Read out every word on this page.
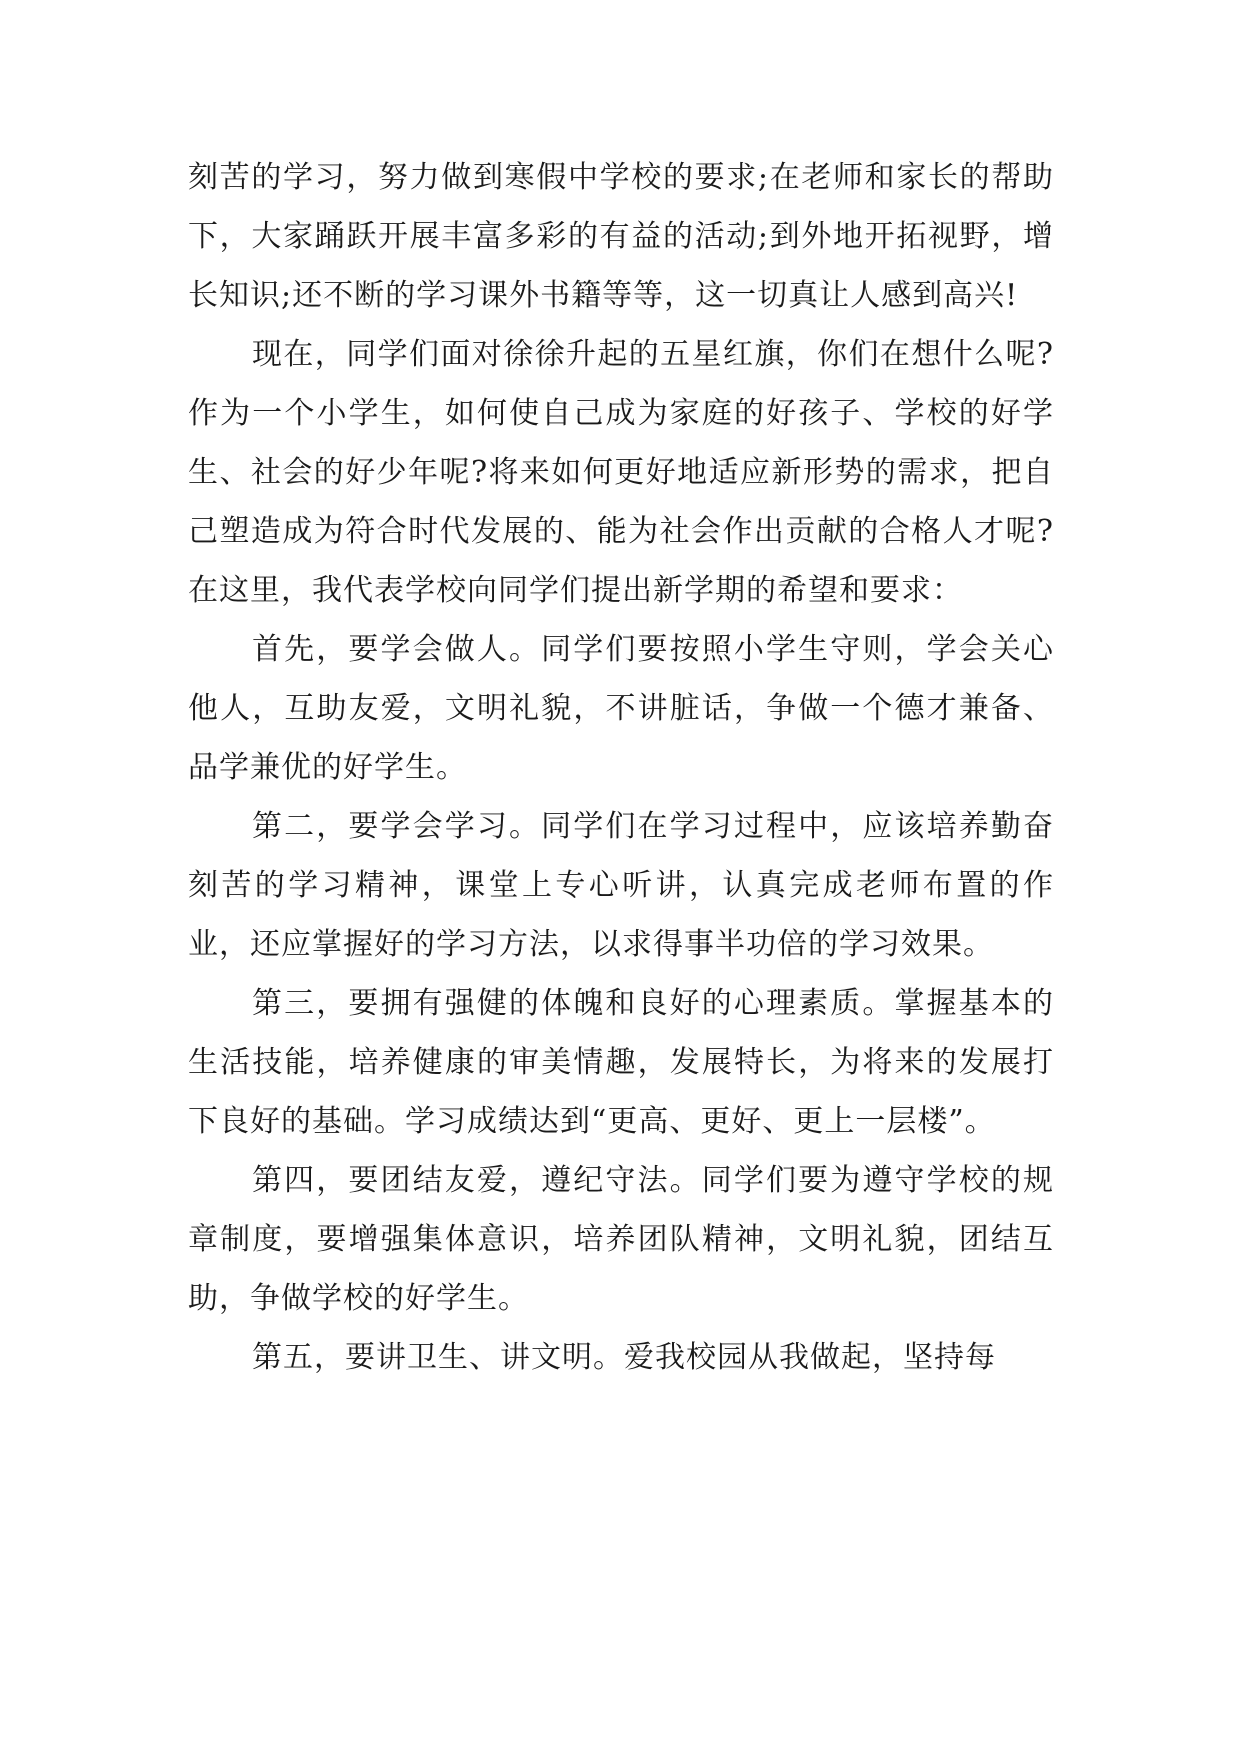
刻苦的学习，努力做到寒假中学校的要求;在老师和家长的帮助下，大家踊跃开展丰富多彩的有益的活动;到外地开拓视野，增长知识;还不断的学习课外书籍等等，这一切真让人感到高兴!

现在，同学们面对徐徐升起的五星红旗，你们在想什么呢?作为一个小学生，如何使自己成为家庭的好孩子、学校的好学生、社会的好少年呢?将来如何更好地适应新形势的需求，把自己塑造成为符合时代发展的、能为社会作出贡献的合格人才呢?在这里，我代表学校向同学们提出新学期的希望和要求：

首先，要学会做人。同学们要按照小学生守则，学会关心他人，互助友爱，文明礼貌，不讲脏话，争做一个德才兼备、品学兼优的好学生。

第二，要学会学习。同学们在学习过程中，应该培养勤奋刻苦的学习精神，课堂上专心听讲，认真完成老师布置的作业，还应掌握好的学习方法，以求得事半功倍的学习效果。

第三，要拥有强健的体魄和良好的心理素质。掌握基本的生活技能，培养健康的审美情趣，发展特长，为将来的发展打下良好的基础。学习成绩达到“更高、更好、更上一层楼”。

第四，要团结友爱，遵纪守法。同学们要为遵守学校的规章制度，要增强集体意识，培养团队精神，文明礼貌，团结互助，争做学校的好学生。

第五，要讲卫生、讲文明。爱我校园从我做起，坚持每
